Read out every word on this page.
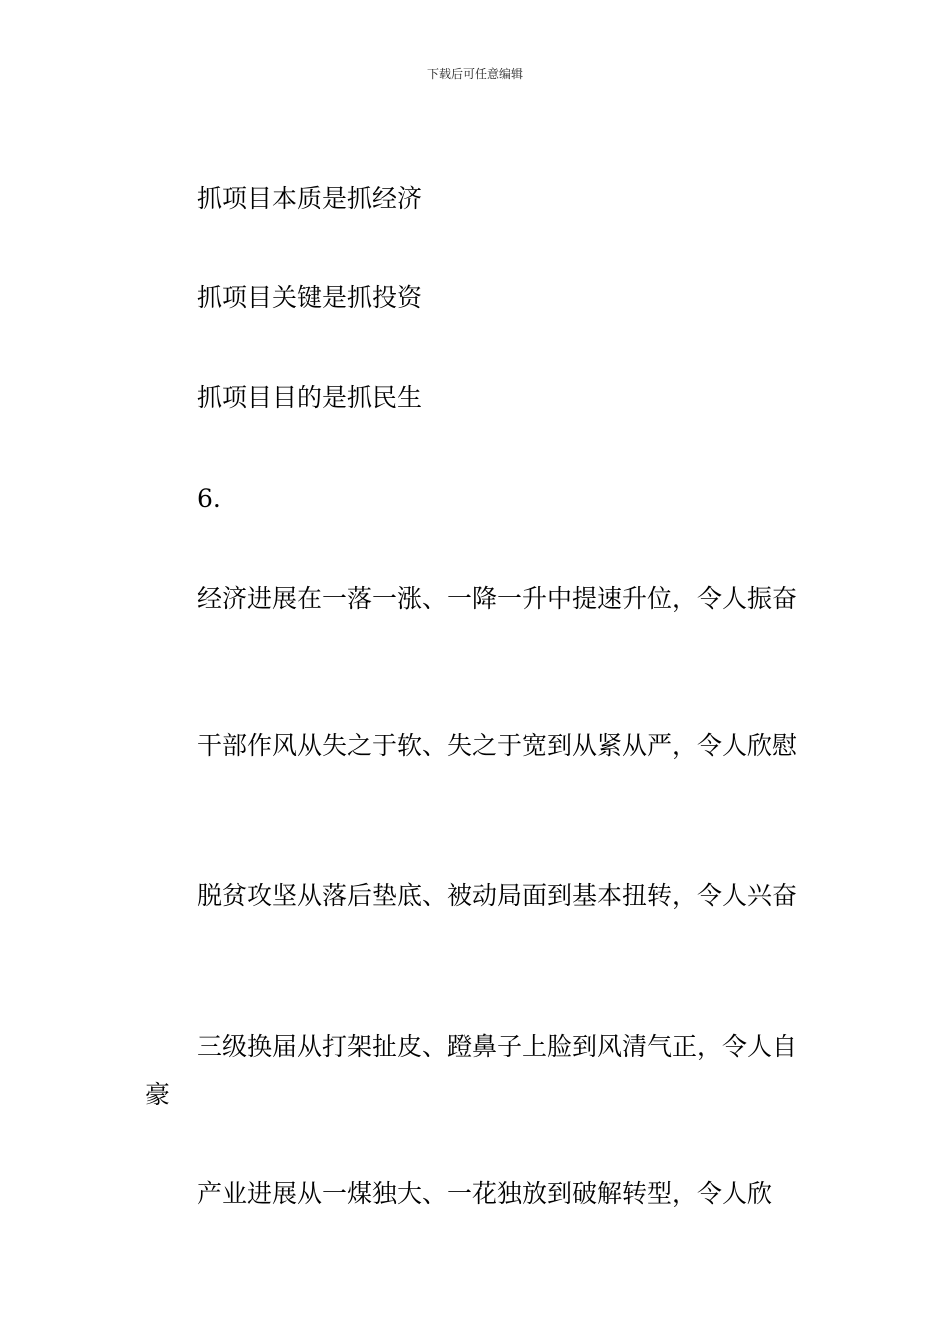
下载后可任意编辑

抓项目本质是抓经济

抓项目关键是抓投资

抓项目目的是抓民生

6.

经济进展在一落一涨、一降一升中提速升位，令人振奋

干部作风从失之于软、失之于宽到从紧从严，令人欣慰

脱贫攻坚从落后垫底、被动局面到基本扭转，令人兴奋

三级换届从打架扯皮、蹬鼻子上脸到风清气正，令人自豪

产业进展从一煤独大、一花独放到破解转型，令人欣
